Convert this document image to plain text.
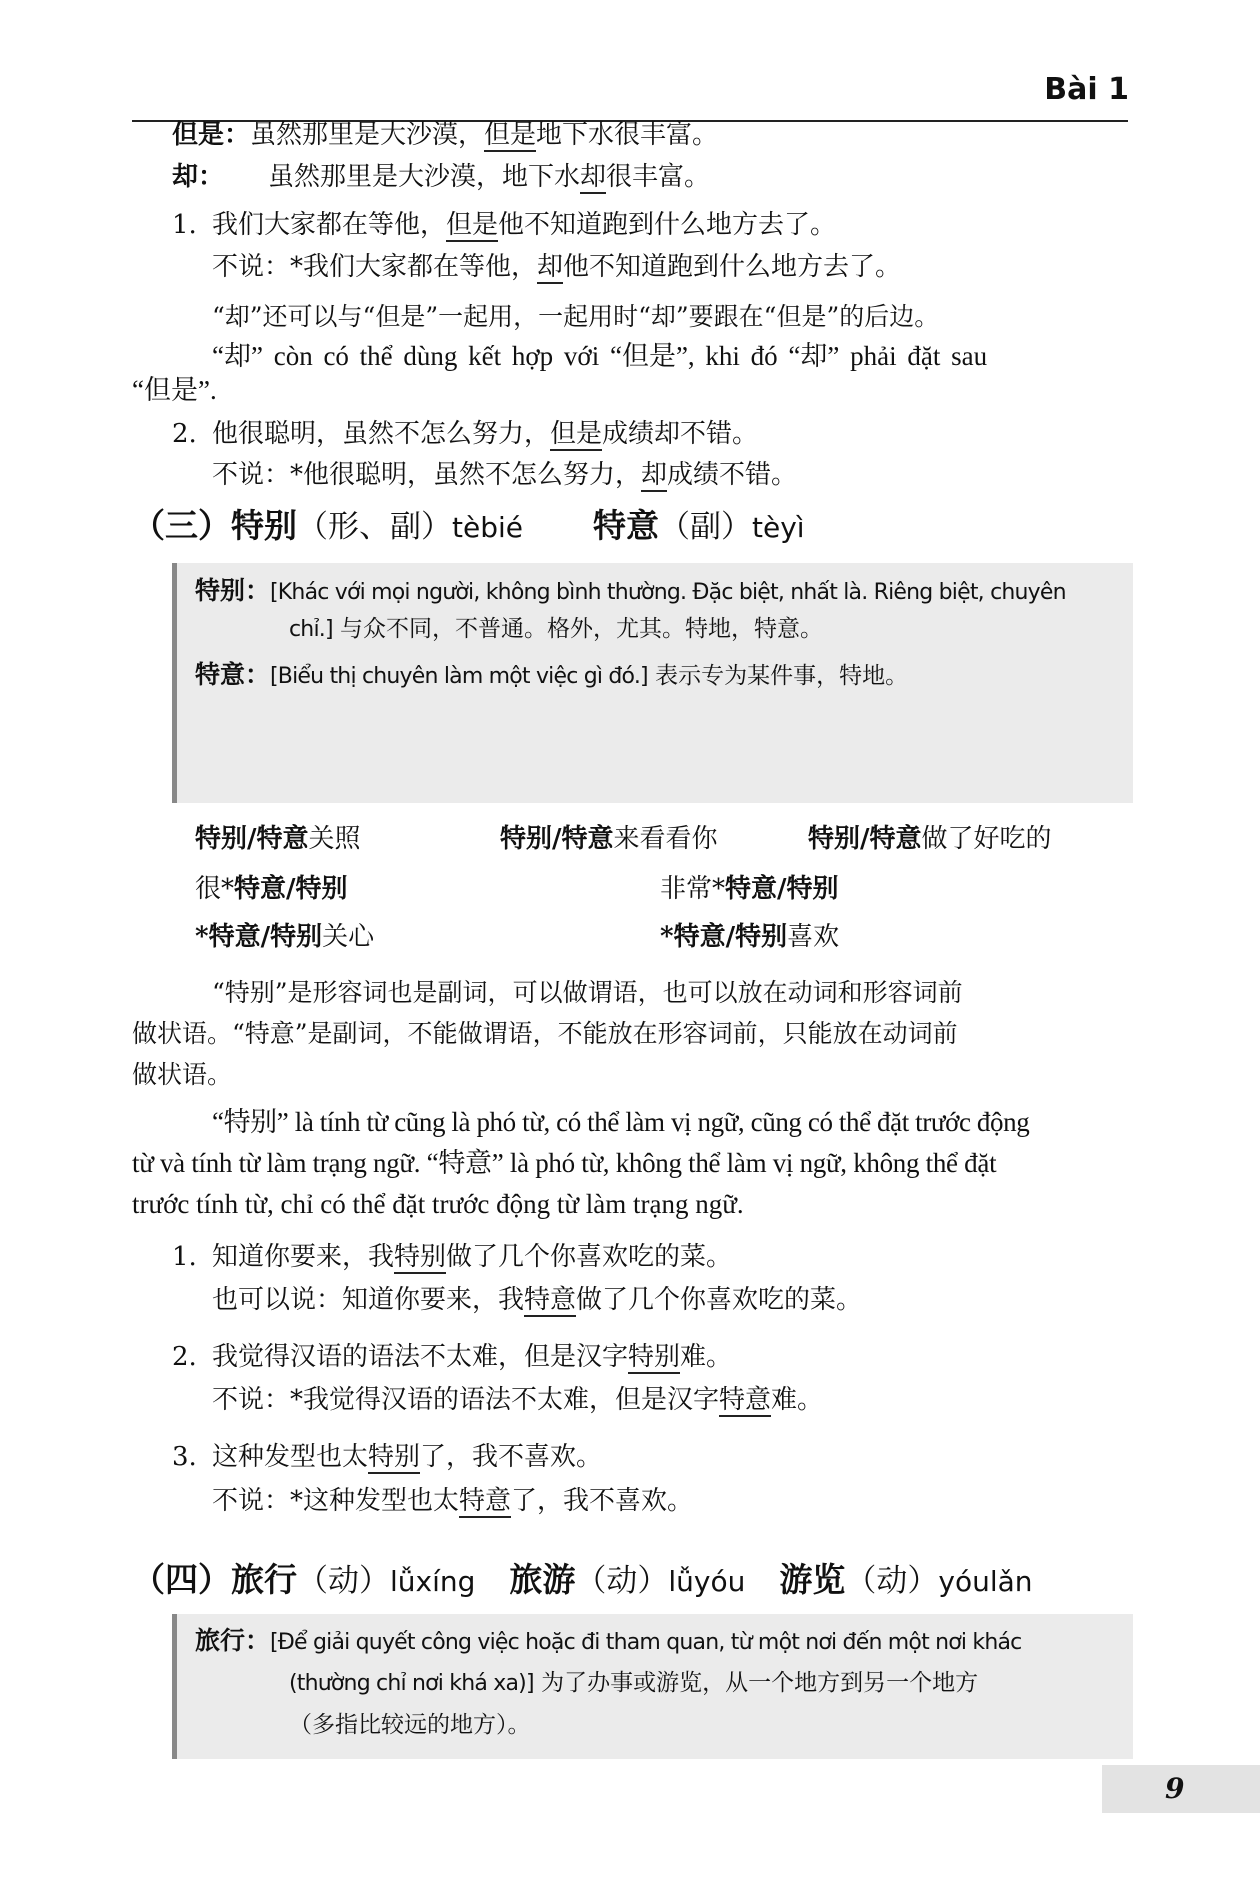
Bài 1
但是：虽然那里是大沙漠，但是地下水很丰富。
却： 虽然那里是大沙漠，地下水却很丰富。
1. 我们大家都在等他，但是他不知道跑到什么地方去了。
不说：*我们大家都在等他，却他不知道跑到什么地方去了。
“却”还可以与“但是”一起用，一起用时“却”要跟在“但是”的后边。
“却” còn có thể dùng kết hợp với “但是”, khi đó “却” phải đặt sau
“但是”.
2. 他很聪明，虽然不怎么努力，但是成绩却不错。
不说：*他很聪明，虽然不怎么努力，却成绩不错。
（三）特别（形、副）tèbié 特意（副）tèyì
特别：[Khác với mọi người, không bình thường. Đặc biệt, nhất là. Riêng biệt, chuyên
chỉ.] 与众不同，不普通。格外，尤其。特地，特意。
特意：[Biểu thị chuyên làm một việc gì đó.] 表示专为某件事，特地。
特别/特意关照	特别/特意来看看你	特别/特意做了好吃的
很*特意/特别	非常*特意/特别
*特意/特别关心	*特意/特别喜欢
“特别”是形容词也是副词，可以做谓语，也可以放在动词和形容词前
做状语。“特意”是副词，不能做谓语，不能放在形容词前，只能放在动词前
做状语。
“特别” là tính từ cũng là phó từ, có thể làm vị ngữ, cũng có thể đặt trước động
từ và tính từ làm trạng ngữ. “特意” là phó từ, không thể làm vị ngữ, không thể đặt
trước tính từ, chỉ có thể đặt trước động từ làm trạng ngữ.
1. 知道你要来，我特别做了几个你喜欢吃的菜。
也可以说：知道你要来，我特意做了几个你喜欢吃的菜。
2. 我觉得汉语的语法不太难，但是汉字特别难。
不说：*我觉得汉语的语法不太难，但是汉字特意难。
3. 这种发型也太特别了，我不喜欢。
不说：*这种发型也太特意了，我不喜欢。
（四）旅行（动）lǚxíng 旅游（动）lǚyóu 游览（动）yóulǎn
旅行：[Để giải quyết công việc hoặc đi tham quan, từ một nơi đến một nơi khác
(thường chỉ nơi khá xa)] 为了办事或游览，从一个地方到另一个地方
（多指比较远的地方）。
9
